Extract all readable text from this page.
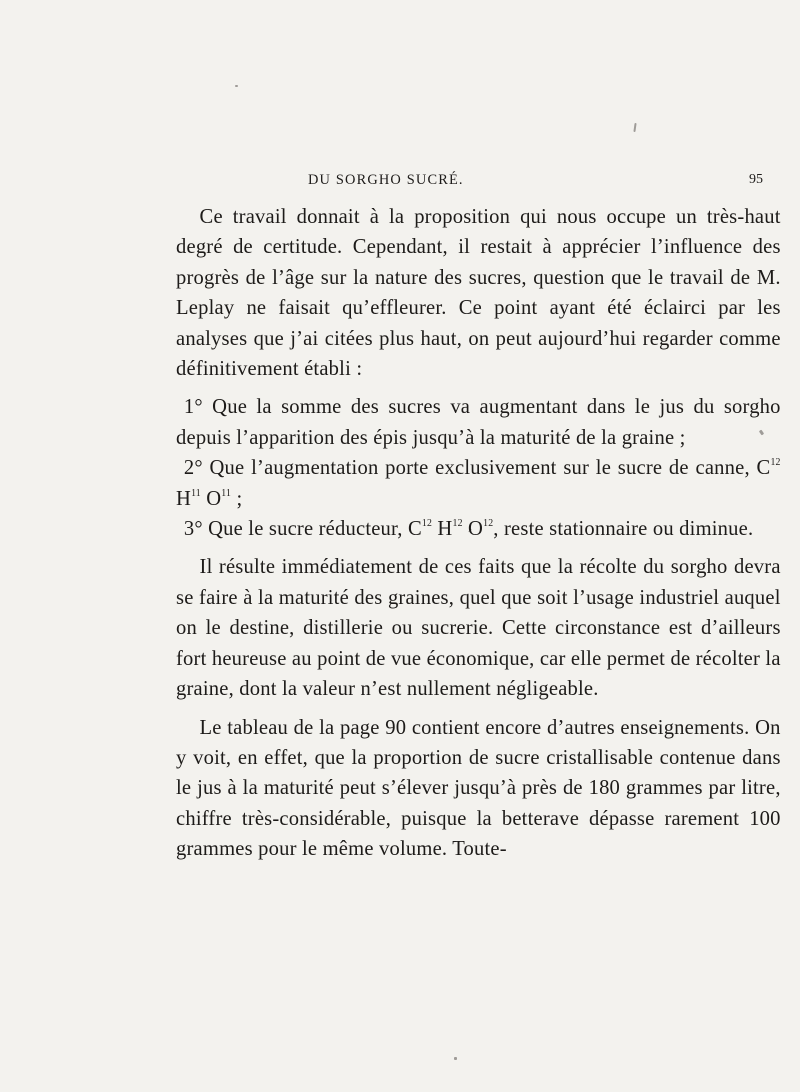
DU SORGHO SUCRÉ.	95

Ce travail donnait à la proposition qui nous occupe un très-haut degré de certitude. Cependant, il restait à apprécier l’influence des progrès de l’âge sur la nature des sucres, question que le travail de M. Leplay ne faisait qu’effleurer. Ce point ayant été éclairci par les analyses que j’ai citées plus haut, on peut aujourd’hui regarder comme définitivement établi :

1° Que la somme des sucres va augmentant dans le jus du sorgho depuis l’apparition des épis jusqu’à la maturité de la graine ;

2° Que l’augmentation porte exclusivement sur le sucre de canne, $C^{12}$ $H^{11}$ $O^{11}$ ;

3° Que le sucre réducteur, $C^{12}$ $H^{12}$ $O^{12}$, reste stationnaire ou diminue.

Il résulte immédiatement de ces faits que la récolte du sorgho devra se faire à la maturité des graines, quel que soit l’usage industriel auquel on le destine, distillerie ou sucrerie. Cette circonstance est d’ailleurs fort heureuse au point de vue économique, car elle permet de récolter la graine, dont la valeur n’est nullement négligeable.

Le tableau de la page 90 contient encore d’autres enseignements. On y voit, en effet, que la proportion de sucre cristallisable contenue dans le jus à la maturité peut s’élever jusqu’à près de 180 grammes par litre, chiffre très-considérable, puisque la betterave dépasse rarement 100 grammes pour le même volume. Toute-
